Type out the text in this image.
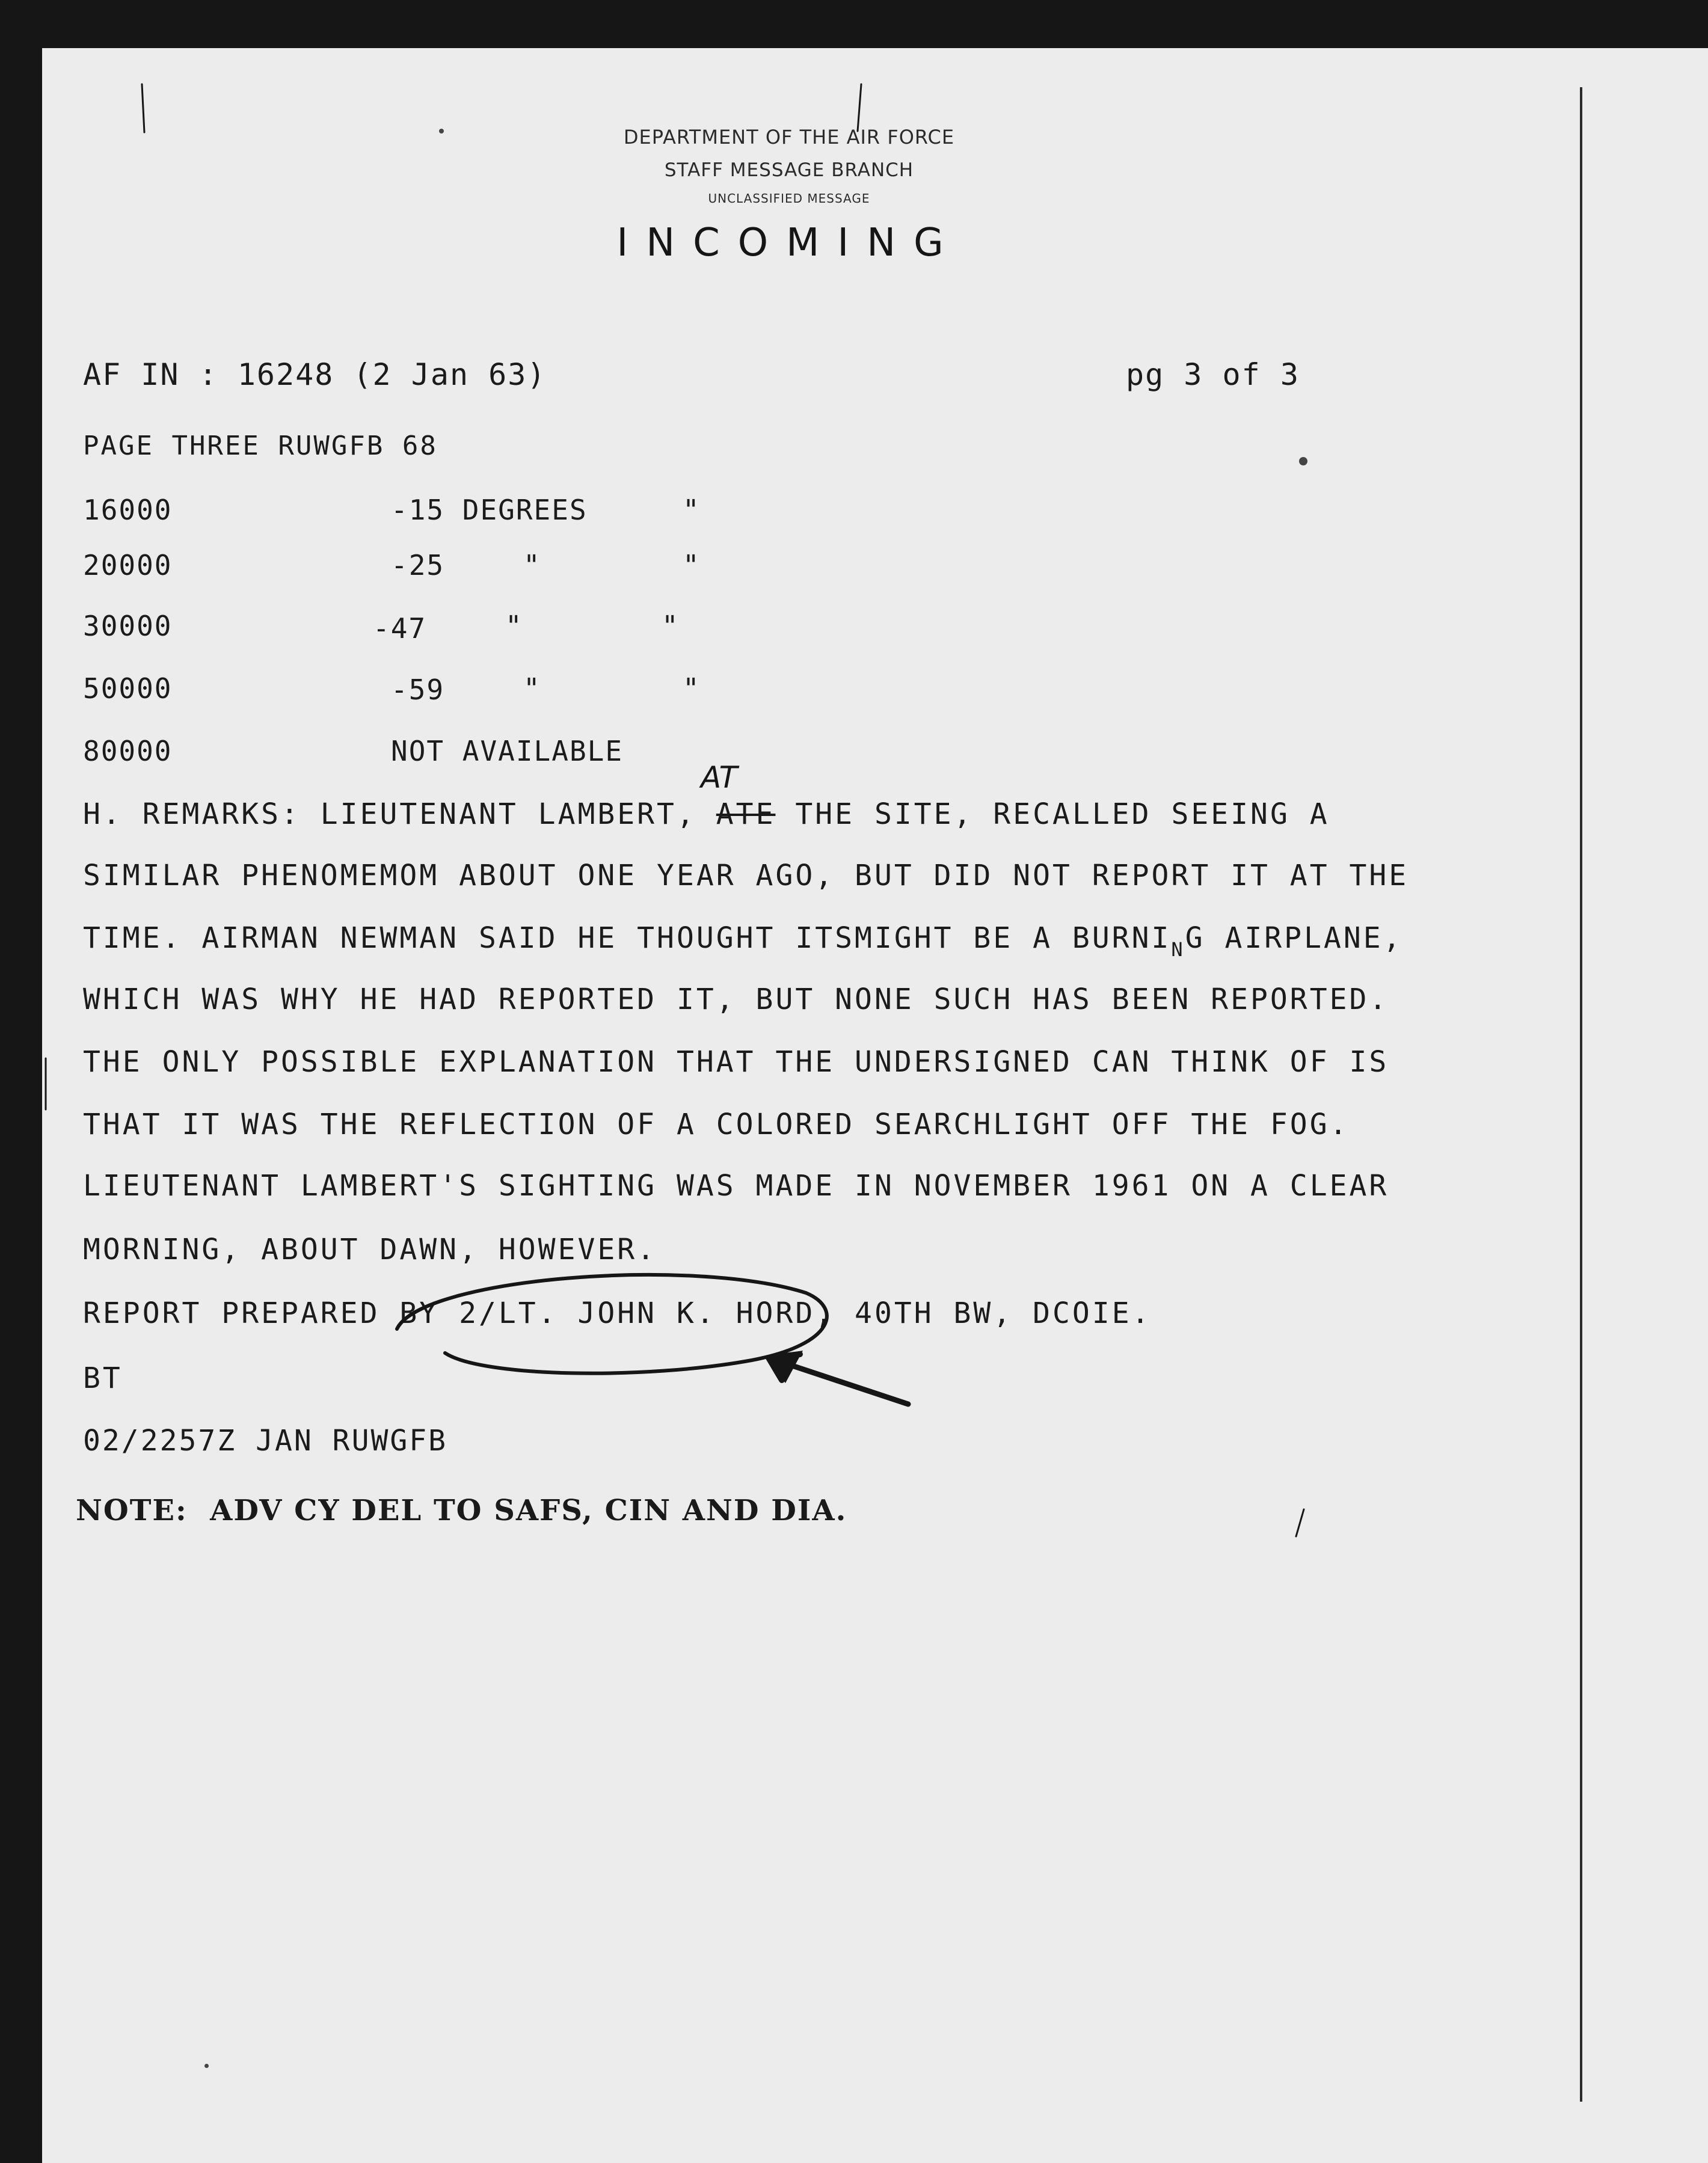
DEPARTMENT OF THE AIR FORCE
STAFF MESSAGE BRANCH
UNCLASSIFIED MESSAGE
INCOMING
AF IN : 16248 (2 Jan 63)	pg 3 of 3
PAGE THREE RUWGFB 68
16000	-15 DEGREES	"
20000	-25	"	"
30000	-47	"	"
50000	-59	"	"
80000	NOT AVAILABLE
H. REMARKS: LIEUTENANT LAMBERT, ATE THE SITE, RECALLED SEEING A
AT
SIMILAR PHENOMEMOM ABOUT ONE YEAR AGO, BUT DID NOT REPORT IT AT THE
TIME. AIRMAN NEWMAN SAID HE THOUGHT ITSMIGHT BE A $BURNI_NG$ AIRPLANE,
WHICH WAS WHY HE HAD REPORTED IT, BUT NONE SUCH HAS BEEN REPORTED.
THE ONLY POSSIBLE EXPLANATION THAT THE UNDERSIGNED CAN THINK OF IS
THAT IT WAS THE REFLECTION OF A COLORED SEARCHLIGHT OFF THE FOG.
LIEUTENANT LAMBERT'S SIGHTING WAS MADE IN NOVEMBER 1961 ON A CLEAR
MORNING, ABOUT DAWN, HOWEVER.
REPORT PREPARED BY 2/LT. JOHN K. HORD, 40TH BW, DCOIE.
BT
02/2257Z JAN RUWGFB
NOTE:  ADV CY DEL TO SAFS, CIN AND DIA.
